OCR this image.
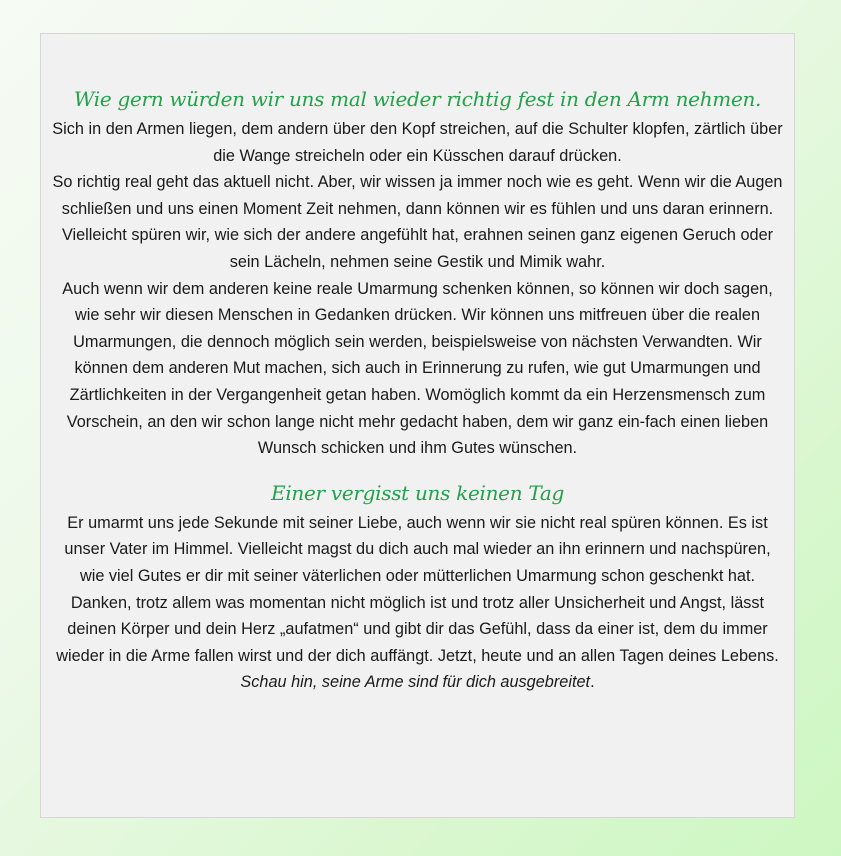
Wie gern würden wir uns mal wieder richtig fest in den Arm nehmen.

Sich in den Armen liegen, dem andern über den Kopf streichen, auf die Schulter klopfen, zärtlich über die Wange streicheln oder ein Küsschen darauf drücken.
So richtig real geht das aktuell nicht. Aber, wir wissen ja immer noch wie es geht. Wenn wir die Augen schließen und uns einen Moment Zeit nehmen, dann können wir es fühlen und uns daran erinnern. Vielleicht spüren wir, wie sich der andere angefühlt hat, erahnen seinen ganz eigenen Geruch oder sein Lächeln, nehmen seine Gestik und Mimik wahr.
Auch wenn wir dem anderen keine reale Umarmung schenken können, so können wir doch sagen, wie sehr wir diesen Menschen in Gedanken drücken. Wir können uns mitfreuen über die realen Umarmungen, die dennoch möglich sein werden, beispielsweise von nächsten Verwandten. Wir können dem anderen Mut machen, sich auch in Erinnerung zu rufen, wie gut Umarmungen und Zärtlichkeiten in der Vergangenheit getan haben. Womöglich kommt da ein Herzensmensch zum Vorschein, an den wir schon lange nicht mehr gedacht haben, dem wir ganz ein-fach einen lieben Wunsch schicken und ihm Gutes wünschen.

Einer vergisst uns keinen Tag

Er umarmt uns jede Sekunde mit seiner Liebe, auch wenn wir sie nicht real spüren können. Es ist unser Vater im Himmel. Vielleicht magst du dich auch mal wieder an ihn erinnern und nachspüren, wie viel Gutes er dir mit seiner väterlichen oder mütterlichen Umarmung schon geschenkt hat. Danken, trotz allem was momentan nicht möglich ist und trotz aller Unsicherheit und Angst, lässt deinen Körper und dein Herz „aufatmen“ und gibt dir das Gefühl, dass da einer ist, dem du immer wieder in die Arme fallen wirst und der dich auffängt. Jetzt, heute und an allen Tagen deines Lebens. Schau hin, seine Arme sind für dich ausgebreitet.
